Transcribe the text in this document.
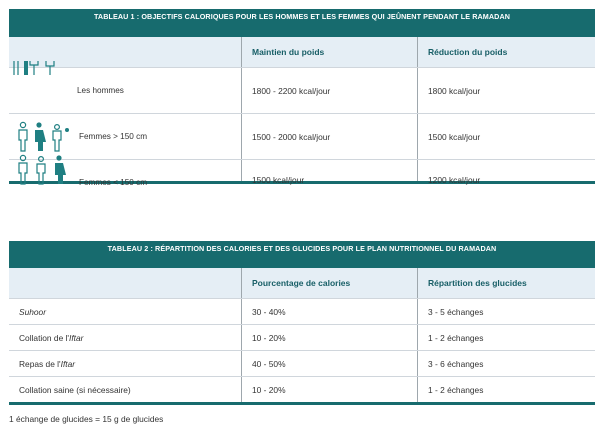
TABLEAU 1 : OBJECTIFS CALORIQUES POUR LES HOMMES ET LES FEMMES QUI JEÛNENT PENDANT LE RAMADAN
Maintien du poids	Réduction du poids
Les hommes	1800 - 2200 kcal/jour	1800 kcal/jour
Femmes > 150 cm	1500 - 2000 kcal/jour	1500 kcal/jour
Femmes < 150 cm	1500 kcal/jour	1200 kcal/jour
TABLEAU 2 : RÉPARTITION DES CALORIES ET DES GLUCIDES POUR LE PLAN NUTRITIONNEL DU RAMADAN
Pourcentage de calories	Répartition des glucides
Suhoor	30 - 40%	3 - 5 échanges
Collation de l' Iftar	10 - 20%	1 - 2 échanges
Repas de l' Iftar	40 - 50%	3 - 6 échanges
Collation saine (si nécessaire)	10 - 20%	1 - 2 échanges
1 échange de glucides = 15 g de glucides
